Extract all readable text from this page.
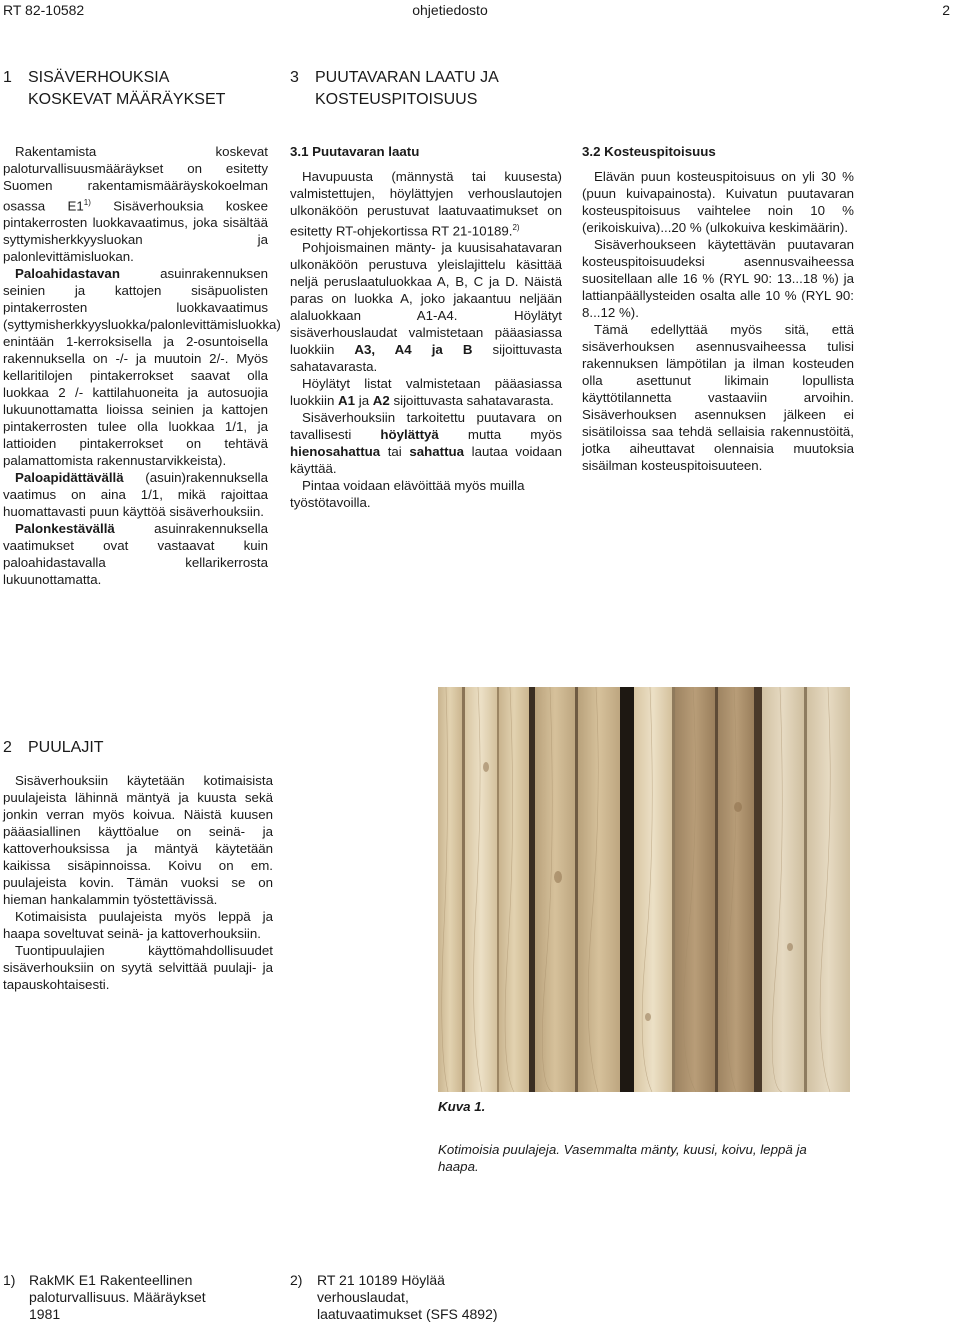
RT 82-10582	ohjetiedosto	2
1 SISÄVERHOUKSIA
KOSKEVAT MÄÄRÄYKSET
3 PUUTAVARAN LAATU JA
KOSTEUSPITOISUUS

Rakentamista koskevat paloturvallisuusmääräykset on esitetty Suomen rakentamismääräyskokoelman osassa E1$^{1)}$ Sisäverhouksia koskee pintakerrosten luokkavaatimus, joka sisältää syttymisherkkyysluokan ja palonlevittämisluokan.

Paloahidastavan asuinrakennuksen seinien ja kattojen sisäpuolisten pintakerrosten luokkavaatimus (syttymisherkkyysluokka/palonlevittämisluokka) enintään 1-kerroksisella ja 2-osuntoisella rakennuksella on -/- ja muutoin 2/-. Myös kellaritilojen pintakerrokset saavat olla luokkaa 2 /- kattilahuoneita ja autosuojia lukuunottamatta lioissa seinien ja kattojen pintakerrosten tulee olla luokkaa 1/1, ja lattioiden pintakerrokset on tehtävä palamattomista rakennustarvikkeista).

Paloapidättävällä (asuin)rakennuksella vaatimus on aina 1/1, mikä rajoittaa huomattavasti puun käyttöä sisäverhouksiin.

Palonkestävällä asuinrakennuksella vaatimukset ovat vastaavat kuin paloahidastavalla kellarikerrosta lukuunottamatta.

3.1 Puutavaran laatu

Havupuusta (männystä tai kuusesta) valmistettujen, höylättyjen verhouslautojen ulkonäköön perustuvat laatuvaatimukset on esitetty RT-ohjekortissa RT 21-10189.$^{2)}$

Pohjoismainen mänty- ja kuusisahatavaran ulkonäköön perustuva yleislajittelu käsittää neljä peruslaatuluokkaa A, B, C ja D. Näistä paras on luokka A, joko jakaantuu neljään alaluokkaan A1-A4. Höylätyt sisäverhouslaudat valmistetaan pääasiassa luokkiin A3, A4 ja B sijoittuvasta sahatavarasta.

Höylätyt listat valmistetaan pääasiassa luokkiin A1 ja A2 sijoittuvasta sahatavarasta.

Sisäverhouksiin tarkoitettu puutavara on tavallisesti höylättyä mutta myös hienosahattua tai sahattua lautaa voidaan käyttää.

Pintaa voidaan elävöittää myös muilla työstötavoilla.

3.2 Kosteuspitoisuus

Elävän puun kosteuspitoisuus on yli 30 % (puun kuivapainosta). Kuivatun puutavaran kosteuspitoisuus vaihtelee noin 10 % (erikoiskuiva)...20 % (ulkokuiva keskimäärin).

Sisäverhoukseen käytettävän puutavaran kosteuspitoisuudeksi asennusvaiheessa suositellaan alle 16 % (RYL 90: 13...18 %) ja lattianpäällysteiden osalta alle 10 % (RYL 90: 8...12 %).

Tämä edellyttää myös sitä, että sisäverhouksen asennusvaiheessa tulisi rakennuksen lämpötilan ja ilman kosteuden olla asettunut likimain lopullista käyttötilannetta vastaaviin arvoihin. Sisäverhouksen asennuksen jälkeen ei sisätiloissa saa tehdä sellaisia rakennustöitä, jotka aiheuttavat olennaisia muutoksia sisäilman kosteuspitoisuuteen.

2 PUULAJIT

Sisäverhouksiin käytetään kotimaisista puulajeista lähinnä mäntyä ja kuusta sekä jonkin verran myös koivua. Näistä kuusen pääasiallinen käyttöalue on seinä- ja kattoverhouksissa ja mäntyä käytetään kaikissa sisäpinnoissa. Koivu on em. puulajeista kovin. Tämän vuoksi se on hieman hankalammin työstettävissä.

Kotimaisista puulajeista myös leppä ja haapa soveltuvat seinä- ja kattoverhouksiin.

Tuontipuulajien käyttömahdollisuudet sisäverhouksiin on syytä selvittää puulaji- ja tapauskohtaisesti.

Kuva 1.
Kotimoisia puulajeja. Vasemmalta mänty, kuusi, koivu, leppä ja haapa.
1) RakMK E1 Rakenteellinen
paloturvallisuus. Määräykset
1981
2) RT 21 10189 Höylää
verhouslaudat,
laatuvaatimukset (SFS 4892)
